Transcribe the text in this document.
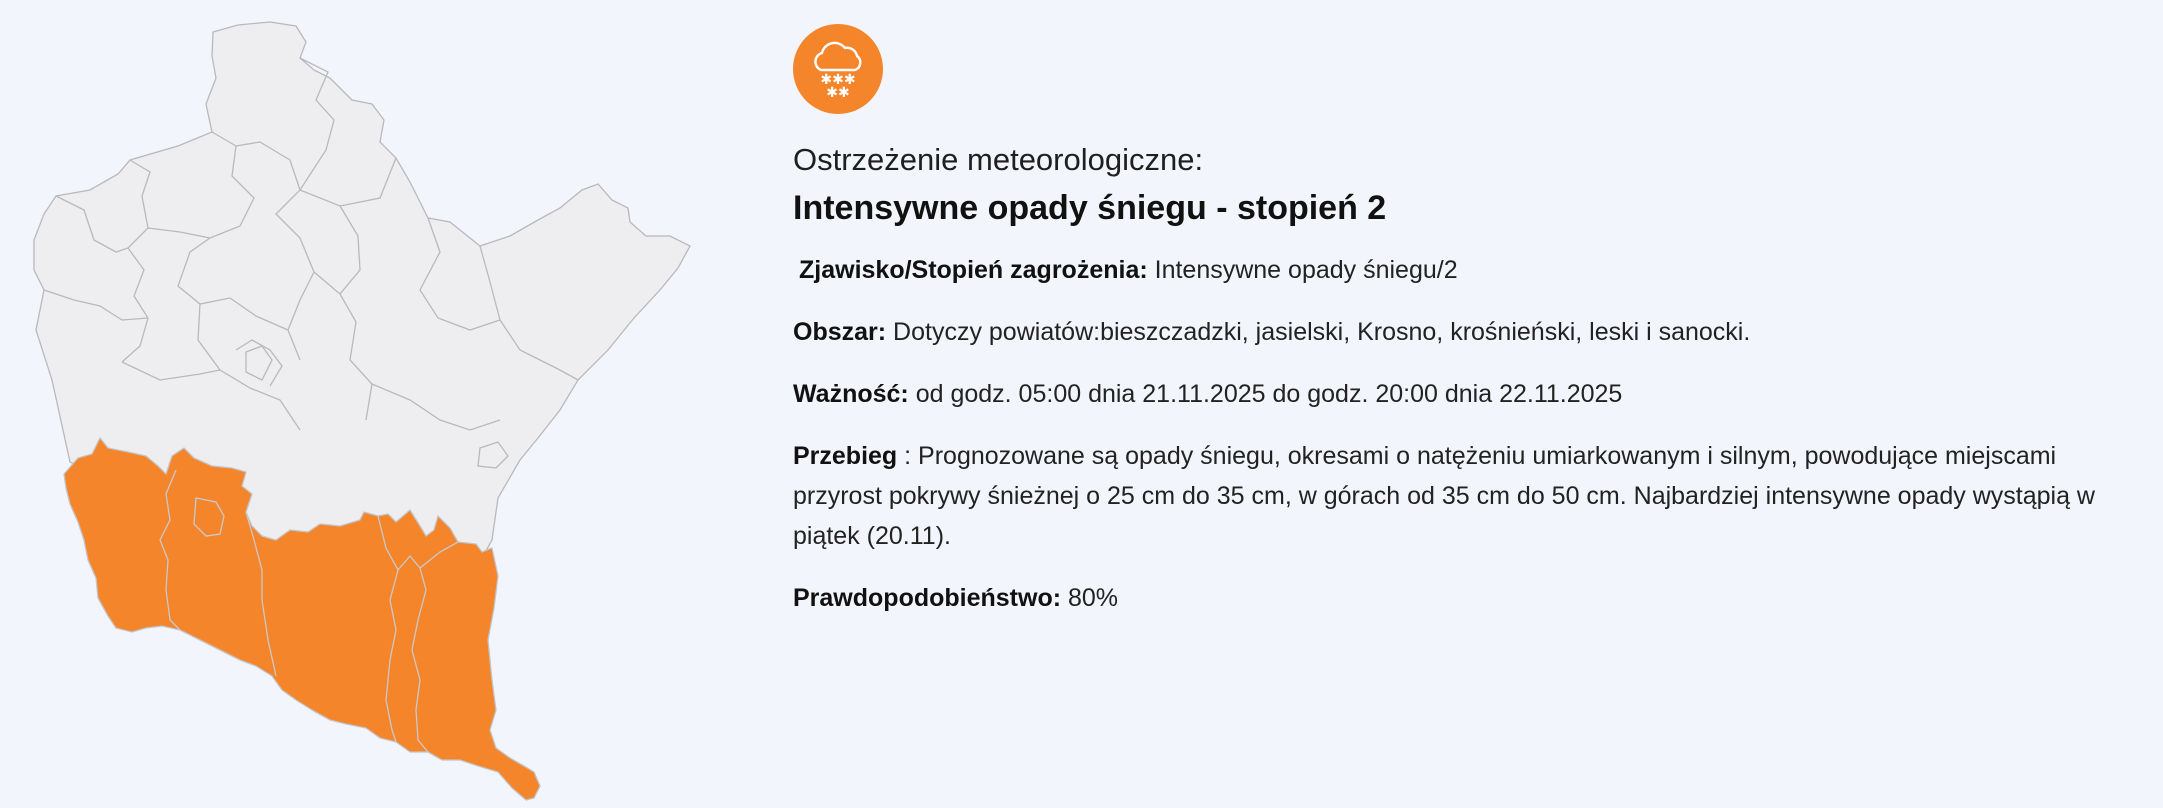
✱✱✱
✱✱
Ostrzeżenie meteorologiczne:
Intensywne opady śniegu - stopień 2
Zjawisko/Stopień zagrożenia: Intensywne opady śniegu/2
Obszar: Dotyczy powiatów:bieszczadzki, jasielski, Krosno, krośnieński, leski i sanocki.
Ważność: od godz. 05:00 dnia 21.11.2025 do godz. 20:00 dnia 22.11.2025
Przebieg : Prognozowane są opady śniegu, okresami o natężeniu umiarkowanym i silnym, powodujące miejscami przyrost pokrywy śnieżnej o 25 cm do 35 cm, w górach od 35 cm do 50 cm. Najbardziej intensywne opady wystąpią w piątek (20.11).
Prawdopodobieństwo: 80%
